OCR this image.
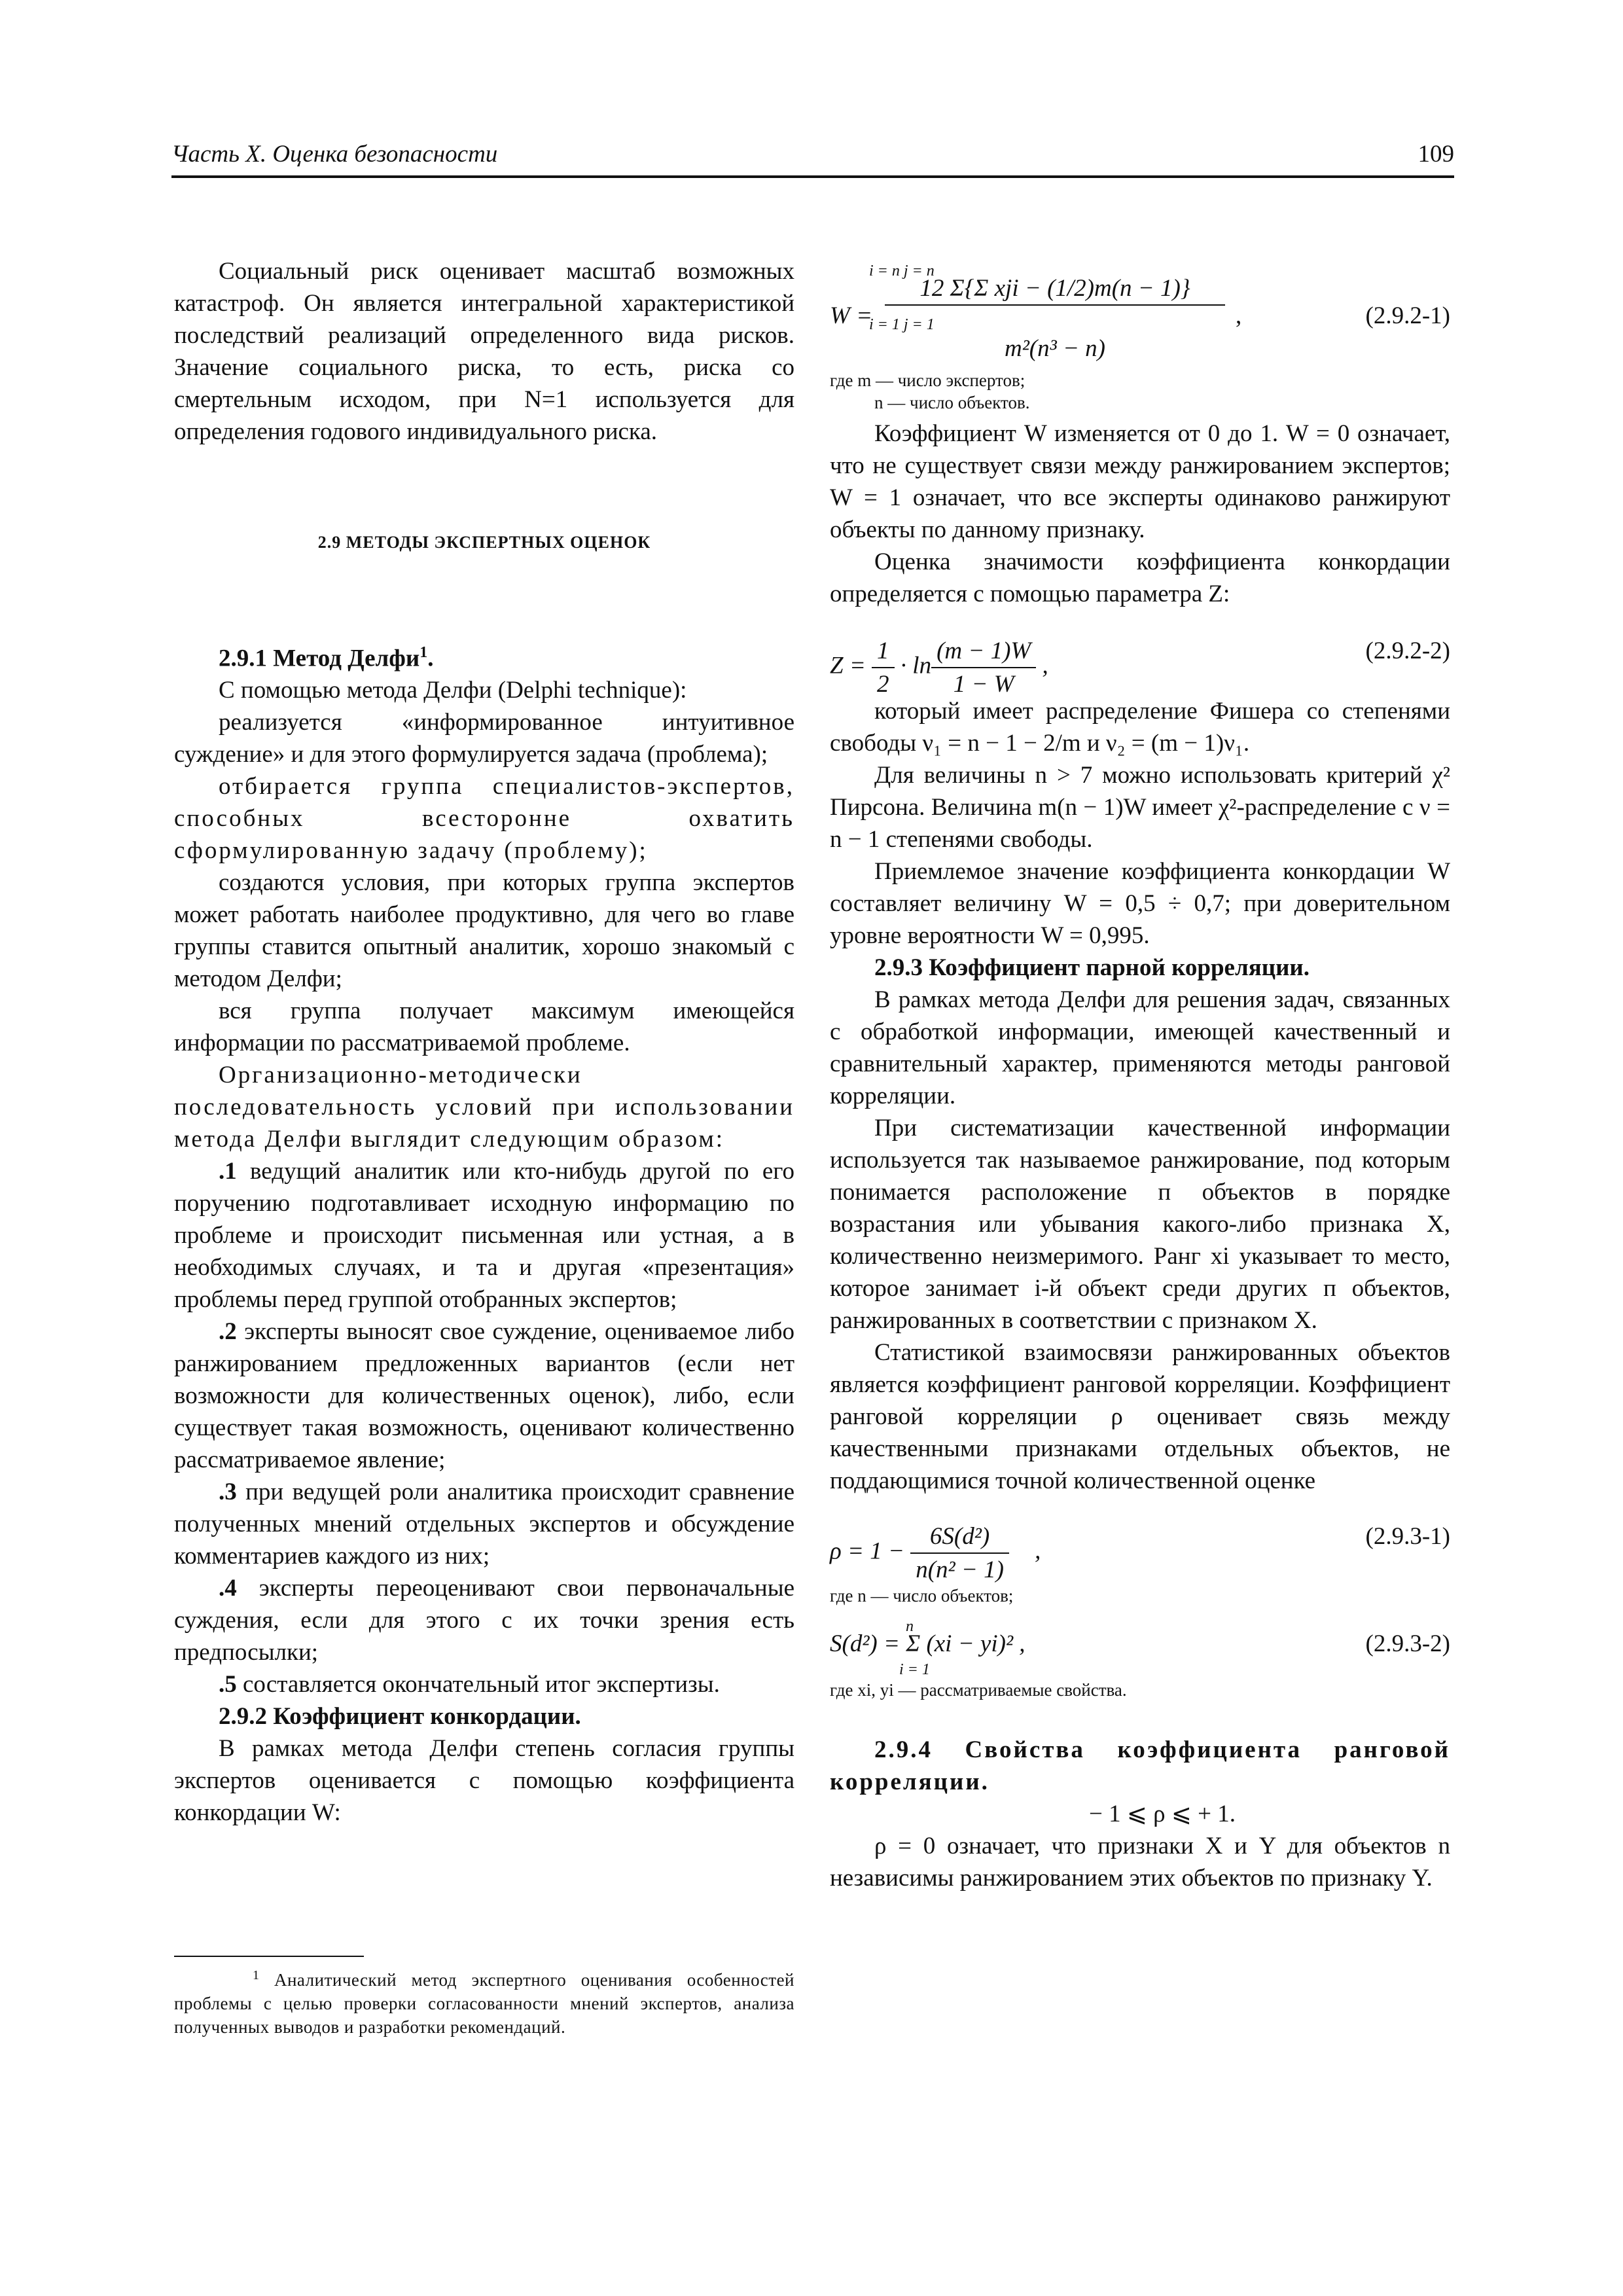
Часть X. Оценка безопасности	109

Социальный риск оценивает масштаб возможных катастроф. Он является интегральной характеристикой последствий реализаций определенного вида рисков. Значение социального риска, то есть, риска со смертельным исходом, при N=1 используется для определения годового индивидуального риска.

2.9 МЕТОДЫ ЭКСПЕРТНЫХ ОЦЕНОК

2.9.1 Метод Делфи$^1$.

С помощью метода Делфи (Delphi technique):

реализуется «информированное интуитивное суждение» и для этого формулируется задача (проблема);

отбирается группа специалистов-экспертов, способных всесторонне охватить сформулированную задачу (проблему);

создаются условия, при которых группа экспертов может работать наиболее продуктивно, для чего во главе группы ставится опытный аналитик, хорошо знакомый с методом Делфи;

вся группа получает максимум имеющейся информации по рассматриваемой проблеме.

Организационно-методически последовательность условий при использовании метода Делфи выглядит следующим образом:

.1 ведущий аналитик или кто-нибудь другой по его поручению подготавливает исходную информацию по проблеме и происходит письменная или устная, а в необходимых случаях, и та и другая «презентация» проблемы перед группой отобранных экспертов;

.2 эксперты выносят свое суждение, оцениваемое либо ранжированием предложенных вариантов (если нет возможности для количественных оценок), либо, если существует такая возможность, оценивают количественно рассматриваемое явление;

.3 при ведущей роли аналитика происходит сравнение полученных мнений отдельных экспертов и обсуждение комментариев каждого из них;

.4 эксперты переоценивают свои первоначальные суждения, если для этого с их точки зрения есть предпосылки;

.5 составляется окончательный итог экспертизы.

2.9.2 Коэффициент конкордации.

В рамках метода Делфи степень согласия группы экспертов оценивается с помощью коэффициента конкордации W:

$^1$ Аналитический метод экспертного оценивания особенностей проблемы с целью проверки согласованности мнений экспертов, анализа полученных выводов и разработки рекомендаций.
i = n j = n
W =
12 Σ{Σ xji − (1/2)m(n − 1)}
i = 1 j = 1
m²(n³ − n)
,	(2.9.2-1)
где m — число экспертов;
n — число объектов.

Коэффициент W изменяется от 0 до 1. W = 0 означает, что не существует связи между ранжированием экспертов; W = 1 означает, что все эксперты одинаково ранжируют объекты по данному признаку.

Оценка значимости коэффициента конкордации определяется с помощью параметра Z:

$Z = \frac{1}{2} \cdot \ln \frac{(m - 1)W}{1 - W}$ ,
(2.9.2-2)

который имеет распределение Фишера со степенями свободы ν₁ = n − 1 − 2/m и ν₂ = (m − 1)ν₁.

Для величины n > 7 можно использовать критерий χ² Пирсона. Величина m(n − 1)W имеет χ²-распределение с ν = n − 1 степенями свободы.

Приемлемое значение коэффициента конкордации W составляет величину W = 0,5 ÷ 0,7; при доверительном уровне вероятности W = 0,995.

2.9.3 Коэффициент парной корреляции.

В рамках метода Делфи для решения задач, связанных с обработкой информации, имеющей качественный и сравнительный характер, применяются методы ранговой корреляции.

При систематизации качественной информации используется так называемое ранжирование, под которым понимается расположение п объектов в порядке возрастания или убывания какого-либо признака X, количественно неизмеримого. Ранг xi указывает то место, которое занимает i-й объект среди других п объектов, ранжированных в соответствии с признаком X.

Статистикой взаимосвязи ранжированных объектов является коэффициент ранговой корреляции. Коэффициент ранговой корреляции ρ оценивает связь между качественными признаками отдельных объектов, не поддающимися точной количественной оценке

$\rho = 1 - \frac{\text{6S(d²)}}{\text{n(n² − 1)}}$ ,
(2.9.3-1)
где n — число объектов;
n
S(d²) = Σ (xi − yi)² ,
i = 1
(2.9.3-2)
где xi, yi — рассматриваемые свойства.

2.9.4 Свойства коэффициента ранговой корреляции.

− 1 ⩽ ρ ⩽ + 1.

ρ = 0 означает, что признаки X и Y для объектов n независимы ранжированием этих объектов по признаку Y.
